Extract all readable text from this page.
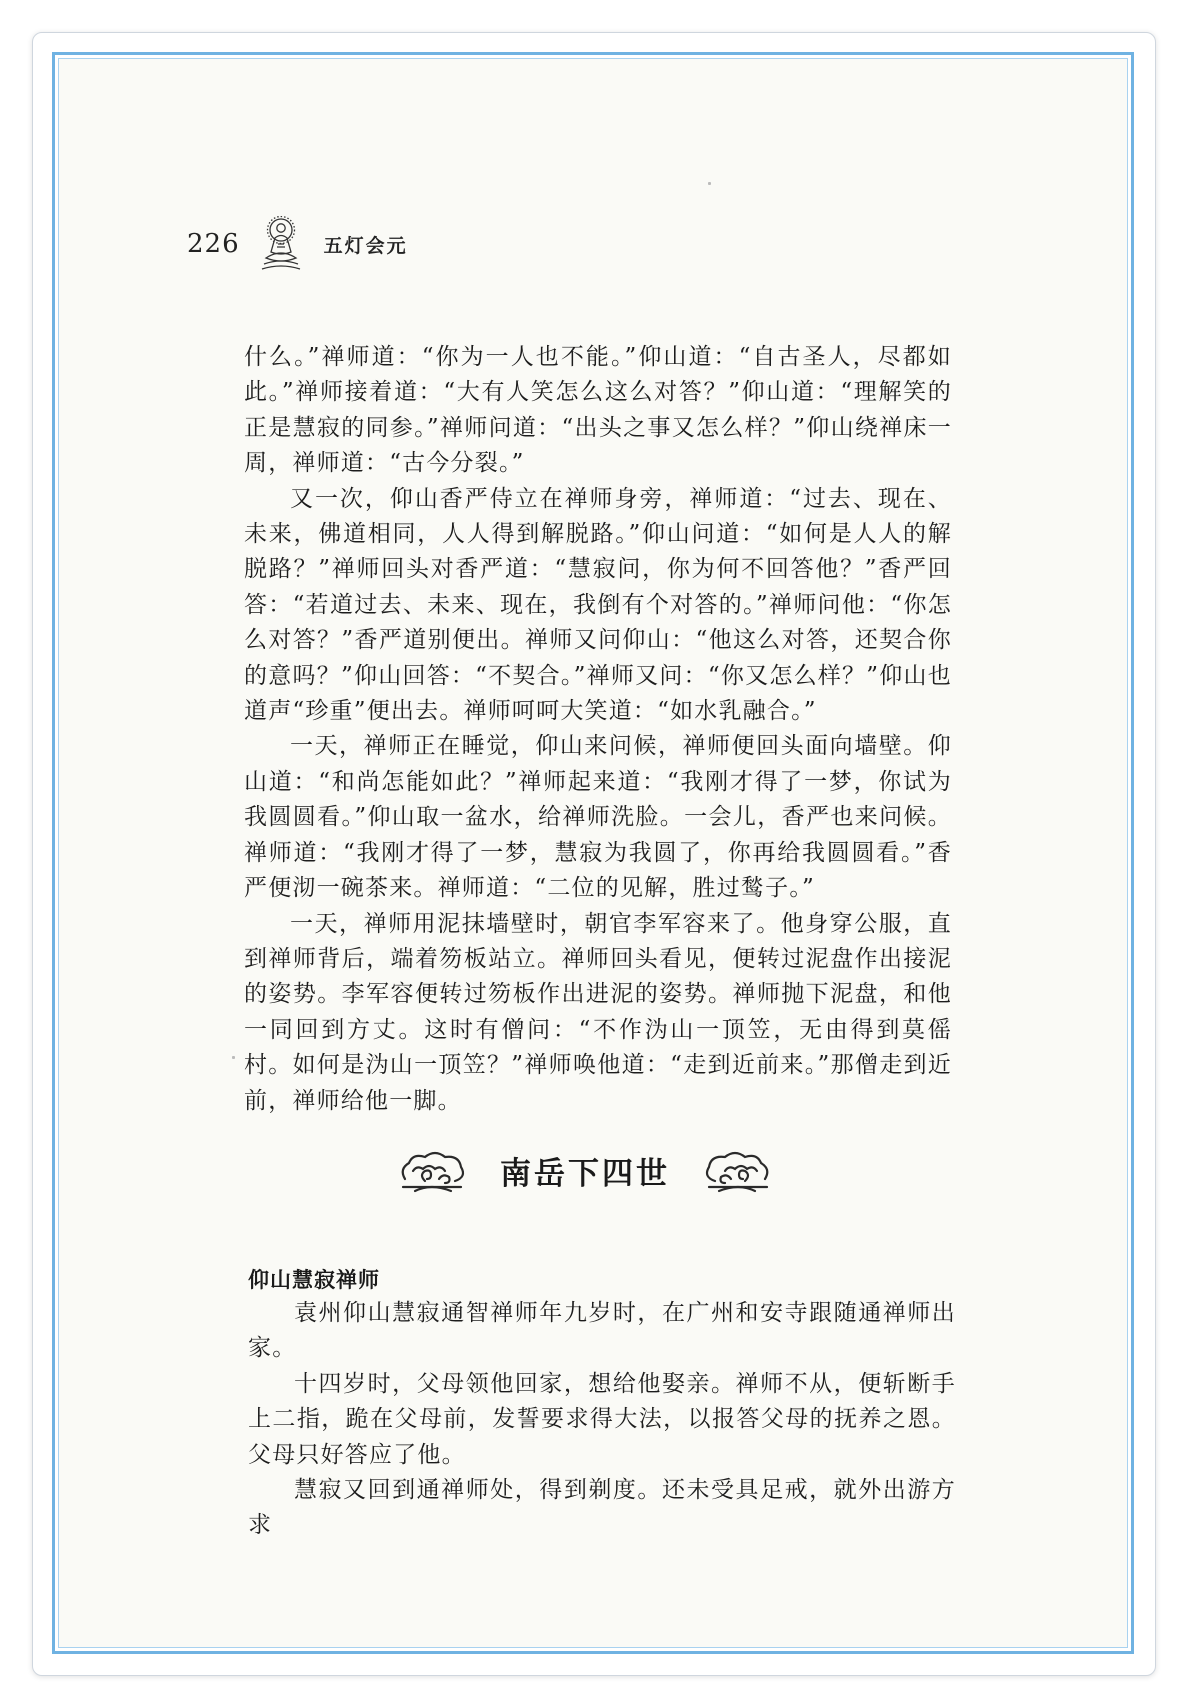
226	五灯会元

什么。”禅师道：“你为一人也不能。”仰山道：“自古圣人，尽都如此。”禅师接着道：“大有人笑怎么这么对答？”仰山道：“理解笑的正是慧寂的同参。”禅师问道：“出头之事又怎么样？”仰山绕禅床一周，禅师道：“古今分裂。”

又一次，仰山香严侍立在禅师身旁，禅师道：“过去、现在、未来，佛道相同，人人得到解脱路。”仰山问道：“如何是人人的解脱路？”禅师回头对香严道：“慧寂问，你为何不回答他？”香严回答：“若道过去、未来、现在，我倒有个对答的。”禅师问他：“你怎么对答？”香严道别便出。禅师又问仰山：“他这么对答，还契合你的意吗？”仰山回答：“不契合。”禅师又问：“你又怎么样？”仰山也道声“珍重”便出去。禅师呵呵大笑道：“如水乳融合。”

一天，禅师正在睡觉，仰山来问候，禅师便回头面向墙壁。仰山道：“和尚怎能如此？”禅师起来道：“我刚才得了一梦，你试为我圆圆看。”仰山取一盆水，给禅师洗脸。一会儿，香严也来问候。禅师道：“我刚才得了一梦，慧寂为我圆了，你再给我圆圆看。”香严便沏一碗茶来。禅师道：“二位的见解，胜过鹙子。”

一天，禅师用泥抹墙壁时，朝官李军容来了。他身穿公服，直到禅师背后，端着笏板站立。禅师回头看见，便转过泥盘作出接泥的姿势。李军容便转过笏板作出进泥的姿势。禅师抛下泥盘，和他一同回到方丈。这时有僧问：“不作沩山一顶笠，无由得到莫傜村。如何是沩山一顶笠？”禅师唤他道：“走到近前来。”那僧走到近前，禅师给他一脚。

南岳下四世
仰山慧寂禅师

袁州仰山慧寂通智禅师年九岁时，在广州和安寺跟随通禅师出家。

十四岁时，父母领他回家，想给他娶亲。禅师不从，便斩断手上二指，跪在父母前，发誓要求得大法，以报答父母的抚养之恩。父母只好答应了他。

慧寂又回到通禅师处，得到剃度。还未受具足戒，就外出游方求
